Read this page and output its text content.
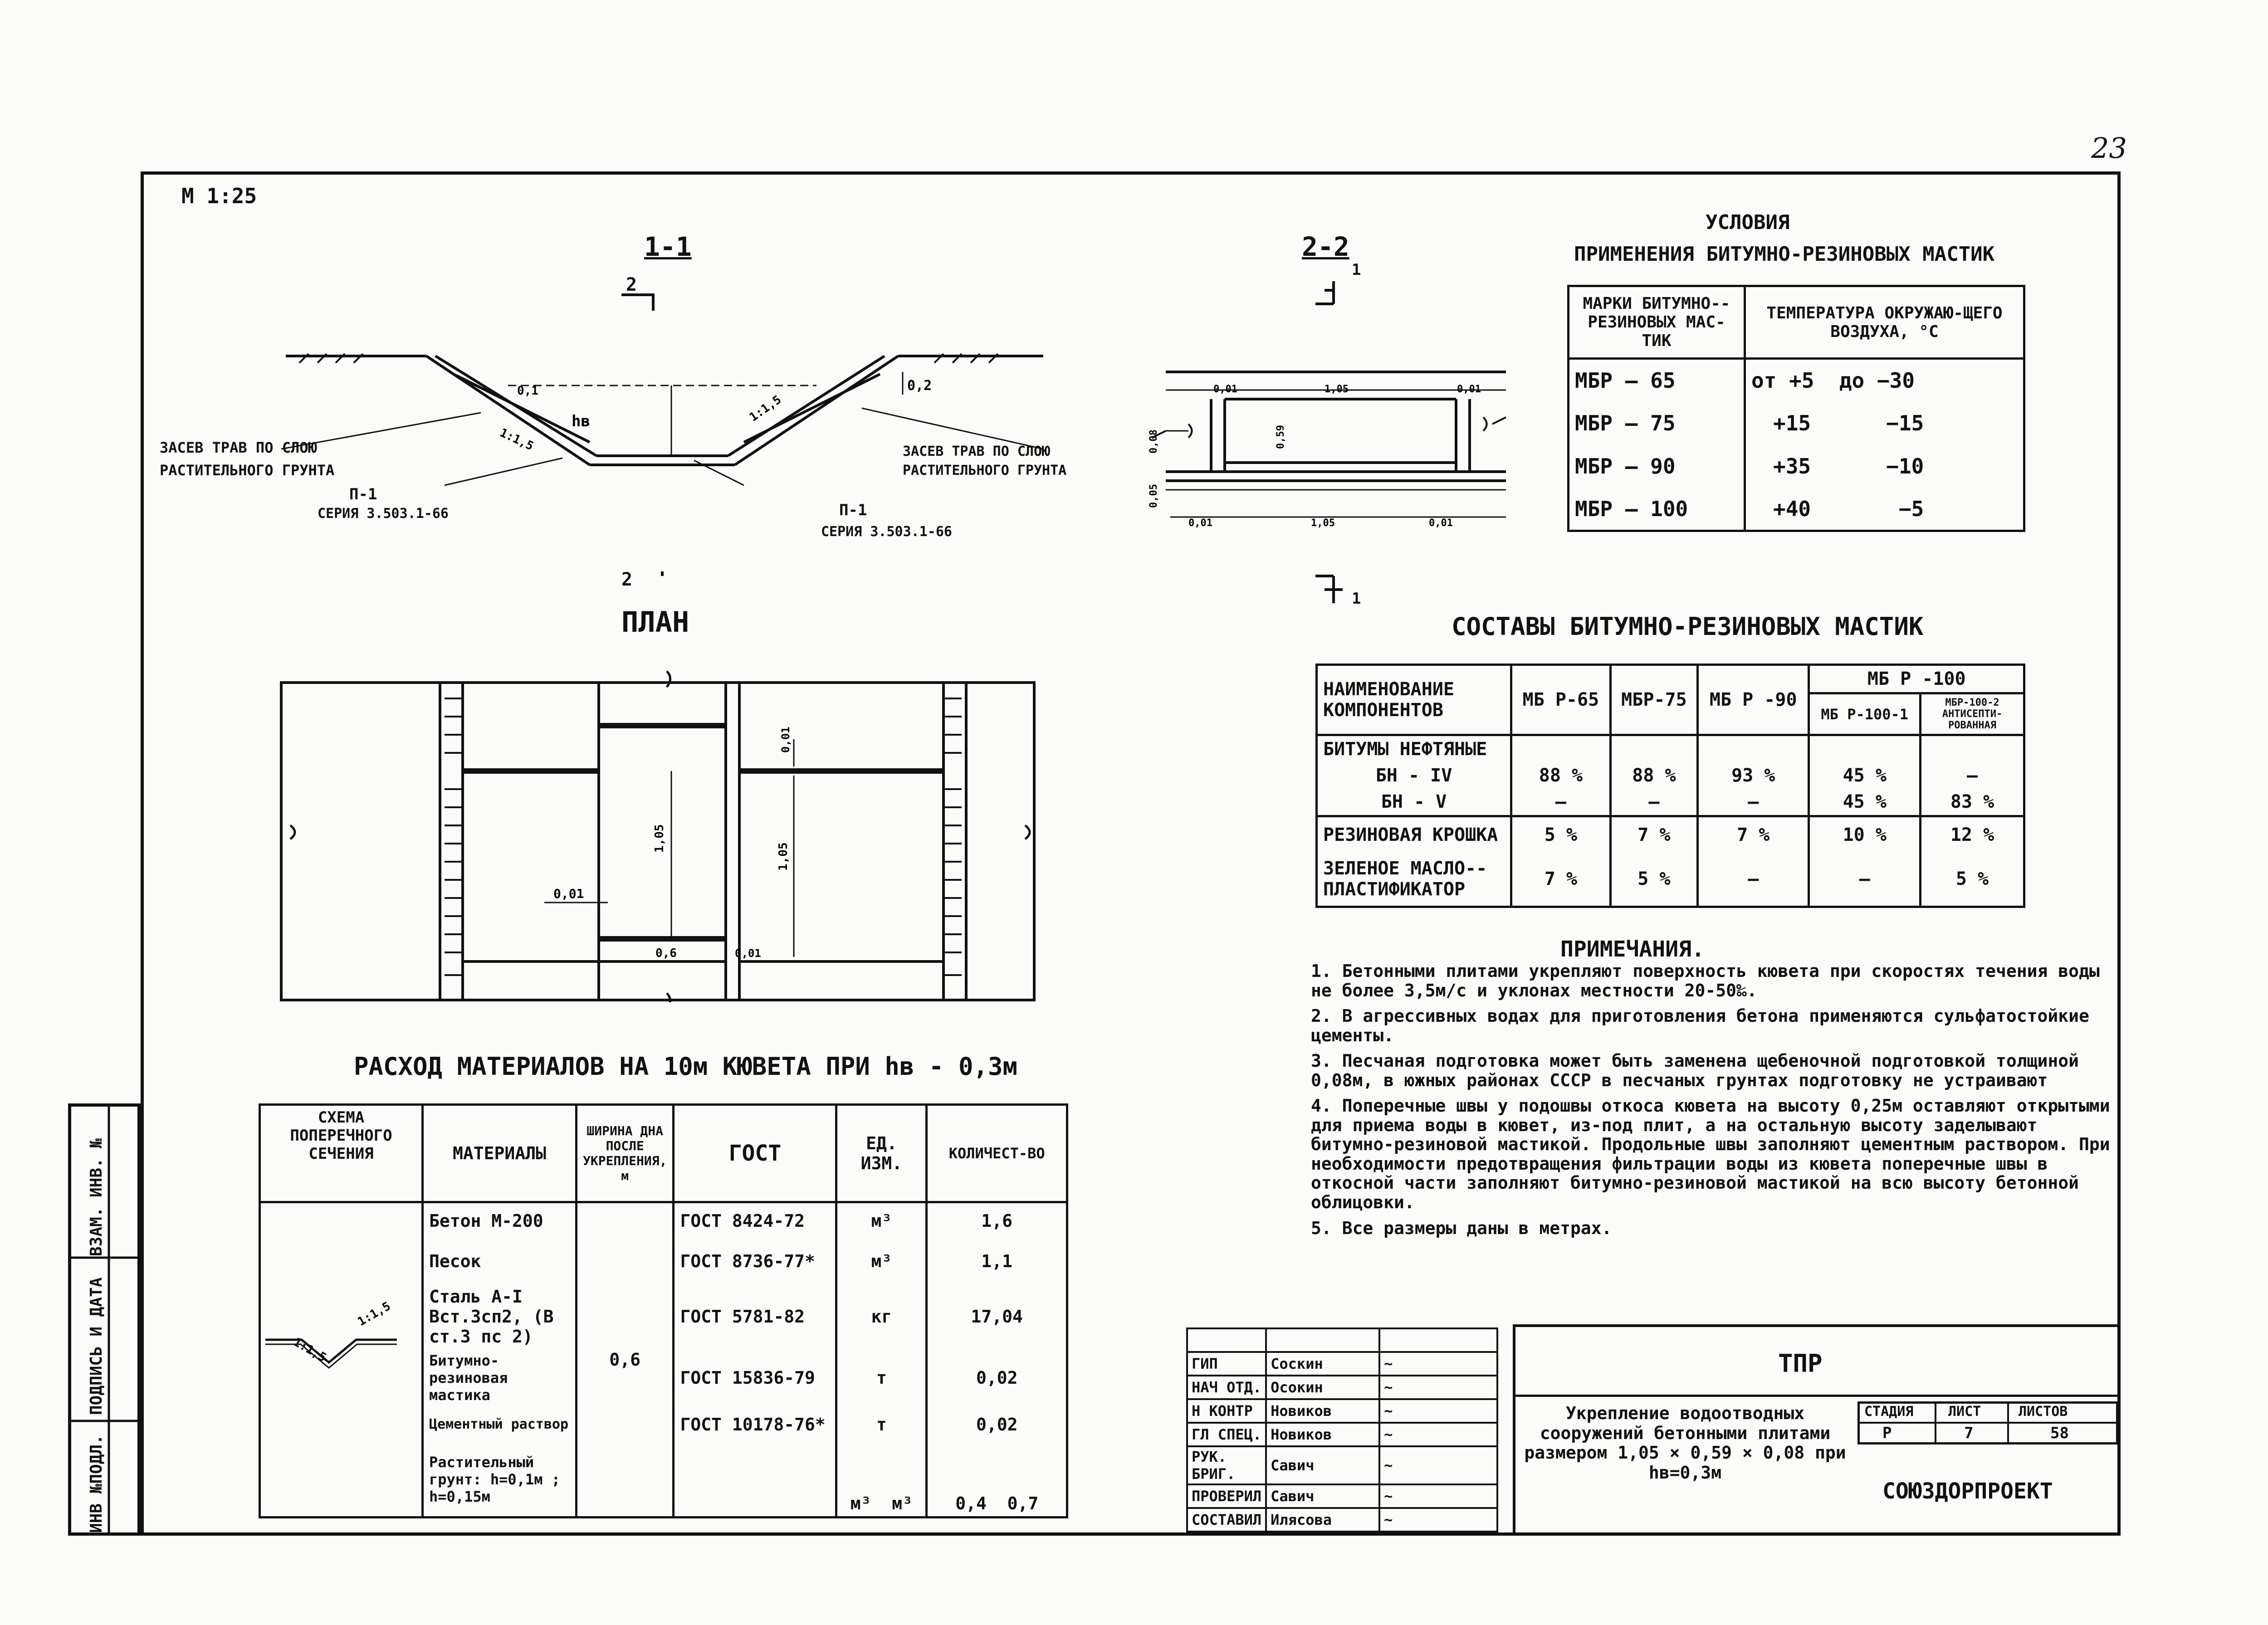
23
М 1:25
1-1
hв
0,1	0,2
1:1,5
1:1,5
2
2
ЗАСЕВ ТРАВ ПО СЛОЮ
РАСТИТЕЛЬНОГО ГРУНТА
П-1
СЕРИЯ 3.503.1-66
ЗАСЕВ ТРАВ ПО СЛОЮ
РАСТИТЕЛЬНОГО ГРУНТА
П-1
СЕРИЯ 3.503.1-66
2-2
1
1
0,01	1,05	0,01
0,01	1,05	0,01
0,08
0,05
0,59
ПЛАН
0,01
1,05
0,01
1,05
0,6	0,01
УСЛОВИЯ
ПРИМЕНЕНИЯ БИТУМНО-РЕЗИНОВЫХ МАСТИК
МАРКИ БИТУМНО--РЕЗИНОВЫХ МАС-ТИК	ТЕМПЕРАТУРА ОКРУЖАЮ-ЩЕГО ВОЗДУХА, °С
МБР — 65	от +5  до −30
МБР — 75	+15      −15
МБР — 90	+35      −10
МБР — 100	+40       −5
СОСТАВЫ БИТУМНО-РЕЗИНОВЫХ МАСТИК
НАИМЕНОВАНИЕ КОМПОНЕНТОВ	МБ Р-65	МБР-75	МБ Р -90	МБ Р -100	
				МБ Р-100-1	МБР-100-2 АНТИСЕПТИ-РОВАННАЯ
БИТУМЫ НЕФТЯНЫЕ					
БН - IV	88 %	88 %	93 %	45 %	—
БН - V	—	—	—	45 %	83 %
РЕЗИНОВАЯ КРОШКА	5 %	7 %	7 %	10 %	12 %
ЗЕЛЕНОЕ МАСЛО--ПЛАСТИФИКАТОР	7 %	5 %	—	—	5 %
ПРИМЕЧАНИЯ.

1. Бетонными плитами укрепляют поверхность кювета при скоростях течения воды не более 3,5м/с и уклонах местности 20-50‰.

2. В агрессивных водах для приготовления бетона применяются сульфатостойкие цементы.

3. Песчаная подготовка может быть заменена щебеночной подготовкой толщиной 0,08м, в южных районах СССР в песчаных грунтах подготовку не устраивают

4. Поперечные швы у подошвы откоса кювета на высоту 0,25м оставляют открытыми для приема воды в кювет, из-под плит, а на остальную высоту заделывают битумно-резиновой мастикой. Продольные швы заполняют цементным раствором. При необходимости предотвращения фильтрации воды из кювета поперечные швы в откосной части заполняют битумно-резиновой мастикой на всю высоту бетонной облицовки.

5. Все размеры даны в метрах.

РАСХОД МАТЕРИАЛОВ НА 10м КЮВЕТА ПРИ hв - 0,3м
СХЕМА ПОПЕРЕЧНОГО СЕЧЕНИЯ	МАТЕРИАЛЫ	ШИРИНА ДНА ПОСЛЕ УКРЕПЛЕНИЯ, м	ГОСТ	ЕД. ИЗМ.	КОЛИЧЕСТ-ВО

1:1,5
1:1,5	Бетон М-200	0,6	ГОСТ 8424-72	м³	1,6
	Песок		ГОСТ 8736-77*	м³	1,1
	Сталь А-I Вст.3сп2, (В ст.3 пс 2)		ГОСТ 5781-82	кг	17,04
	Битумно-резиновая мастика		ГОСТ 15836-79	т	0,02
	Цементный раствор		ГОСТ 10178-76*	т	0,02
	Растительный грунт: h=0,1м ; h=0,15м			м³  м³	0,4  0,7
ИНВ №ПОДЛ.
ПОДПИСЬ И ДАТА
ВЗАМ. ИНВ. №

ГИП	Соскин	~
НАЧ ОТД.	Осокин	~
Н КОНТР	Новиков	~
ГЛ СПЕЦ.	Новиков	~
РУК. БРИГ.	Савич	~
ПРОВЕРИЛ	Савич	~
СОСТАВИЛ	Илясова	~
ТПР
Укрепление водоотводных сооружений бетонными плитами размером 1,05 × 0,59 × 0,08 при hв=0,3м
СТАДИЯ	ЛИСТ	ЛИСТОВ
Р	7	58
СОЮЗДОРПРОЕКТ
